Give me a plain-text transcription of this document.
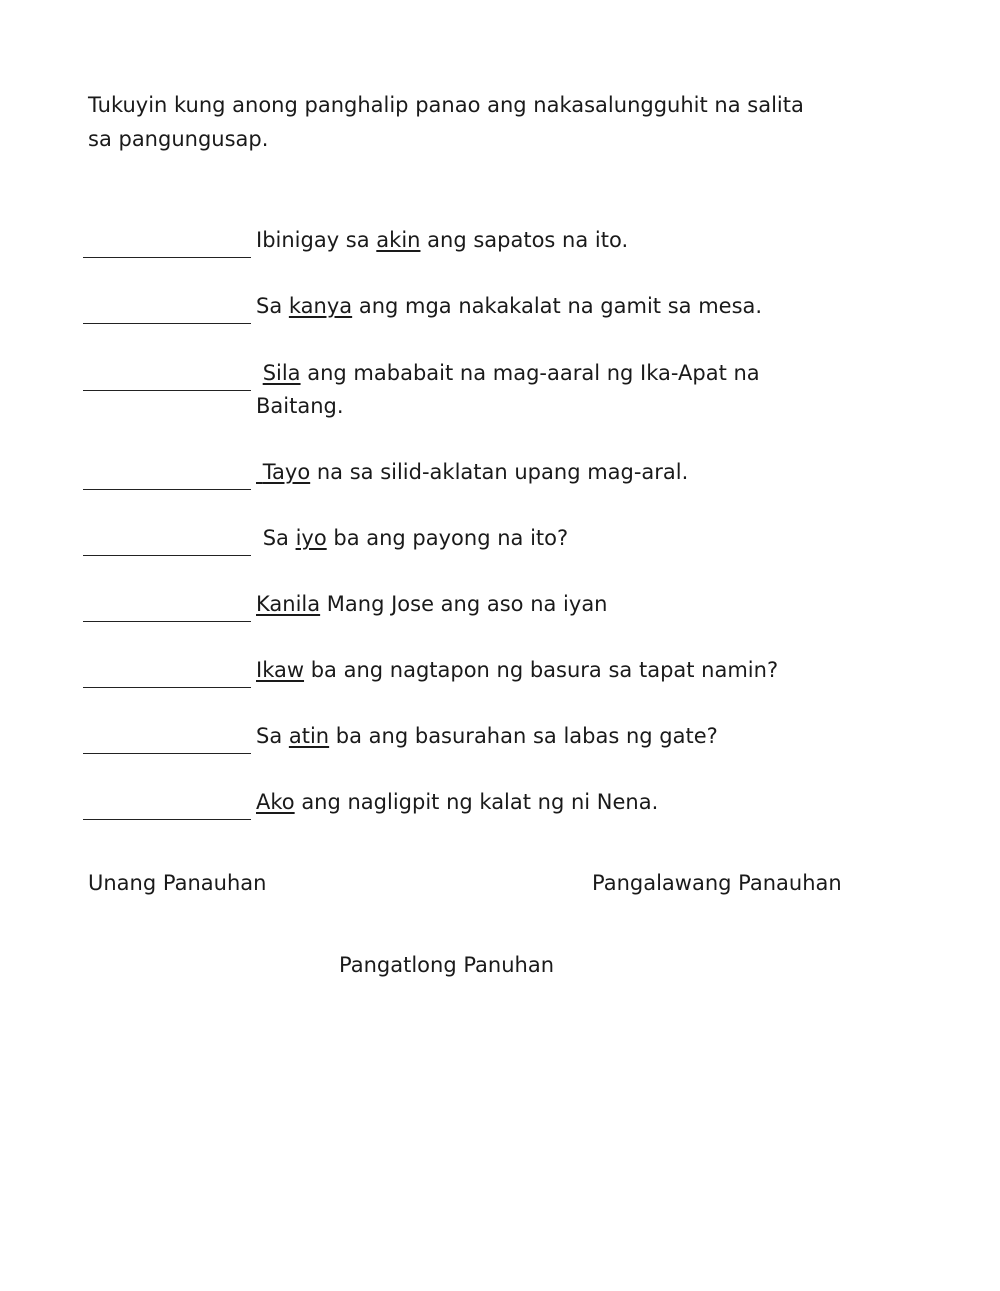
Tukuyin kung anong panghalip panao ang nakasalungguhit na salita
sa pangungusap.
Ibinigay sa akin ang sapatos na ito.
Sa kanya ang mga nakakalat na gamit sa mesa.
Sila ang mababait na mag-aaral ng Ika-Apat na Baitang.
Tayo na sa silid-aklatan upang mag-aral.
Sa iyo ba ang payong na ito?
Kanila Mang Jose ang aso na iyan
Ikaw ba ang nagtapon ng basura sa tapat namin?
Sa atin ba ang basurahan sa labas ng gate?
Ako ang nagligpit ng kalat ng ni Nena.
Unang Panauhan	Pangalawang Panauhan
Pangatlong Panuhan
